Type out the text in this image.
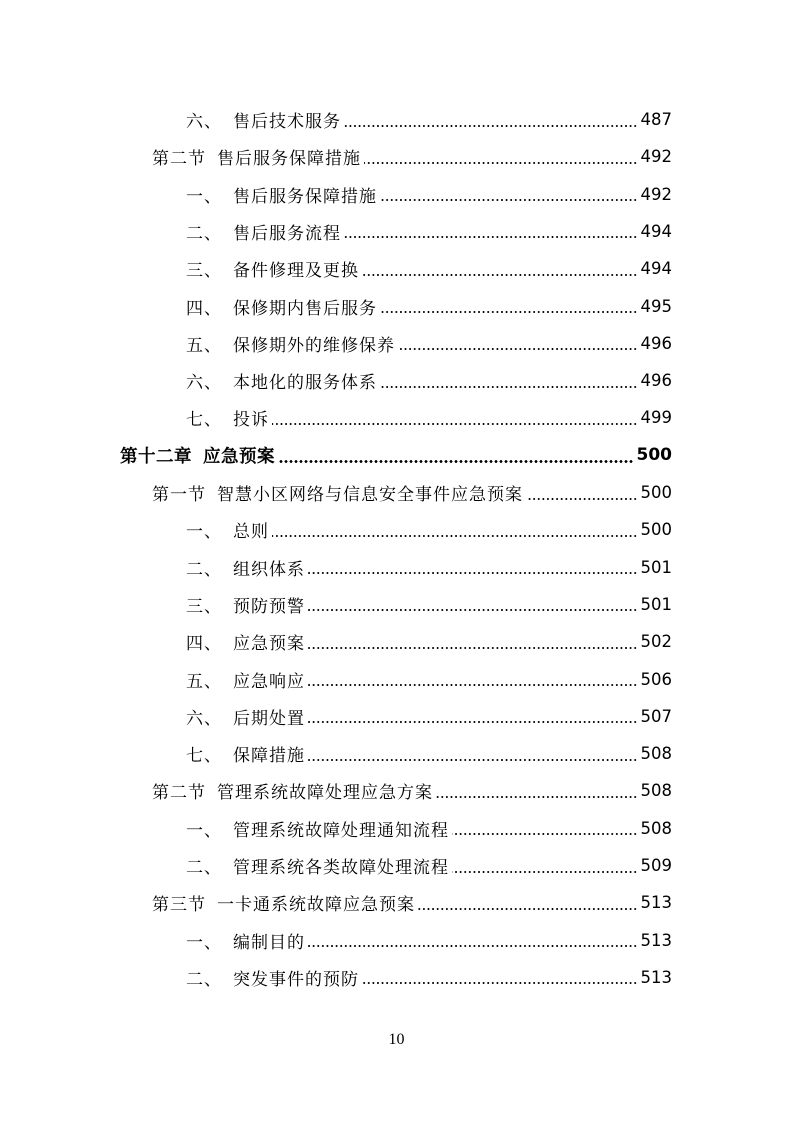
六、 售后技术服务	487
第二节 售后服务保障措施	492
一、 售后服务保障措施	492
二、 售后服务流程	494
三、 备件修理及更换	494
四、 保修期内售后服务	495
五、 保修期外的维修保养	496
六、 本地化的服务体系	496
七、 投诉	499
第十二章 应急预案	500
第一节 智慧小区网络与信息安全事件应急预案	500
一、 总则	500
二、 组织体系	501
三、 预防预警	501
四、 应急预案	502
五、 应急响应	506
六、 后期处置	507
七、 保障措施	508
第二节 管理系统故障处理应急方案	508
一、 管理系统故障处理通知流程	508
二、 管理系统各类故障处理流程	509
第三节 一卡通系统故障应急预案	513
一、 编制目的	513
二、 突发事件的预防	513
10
